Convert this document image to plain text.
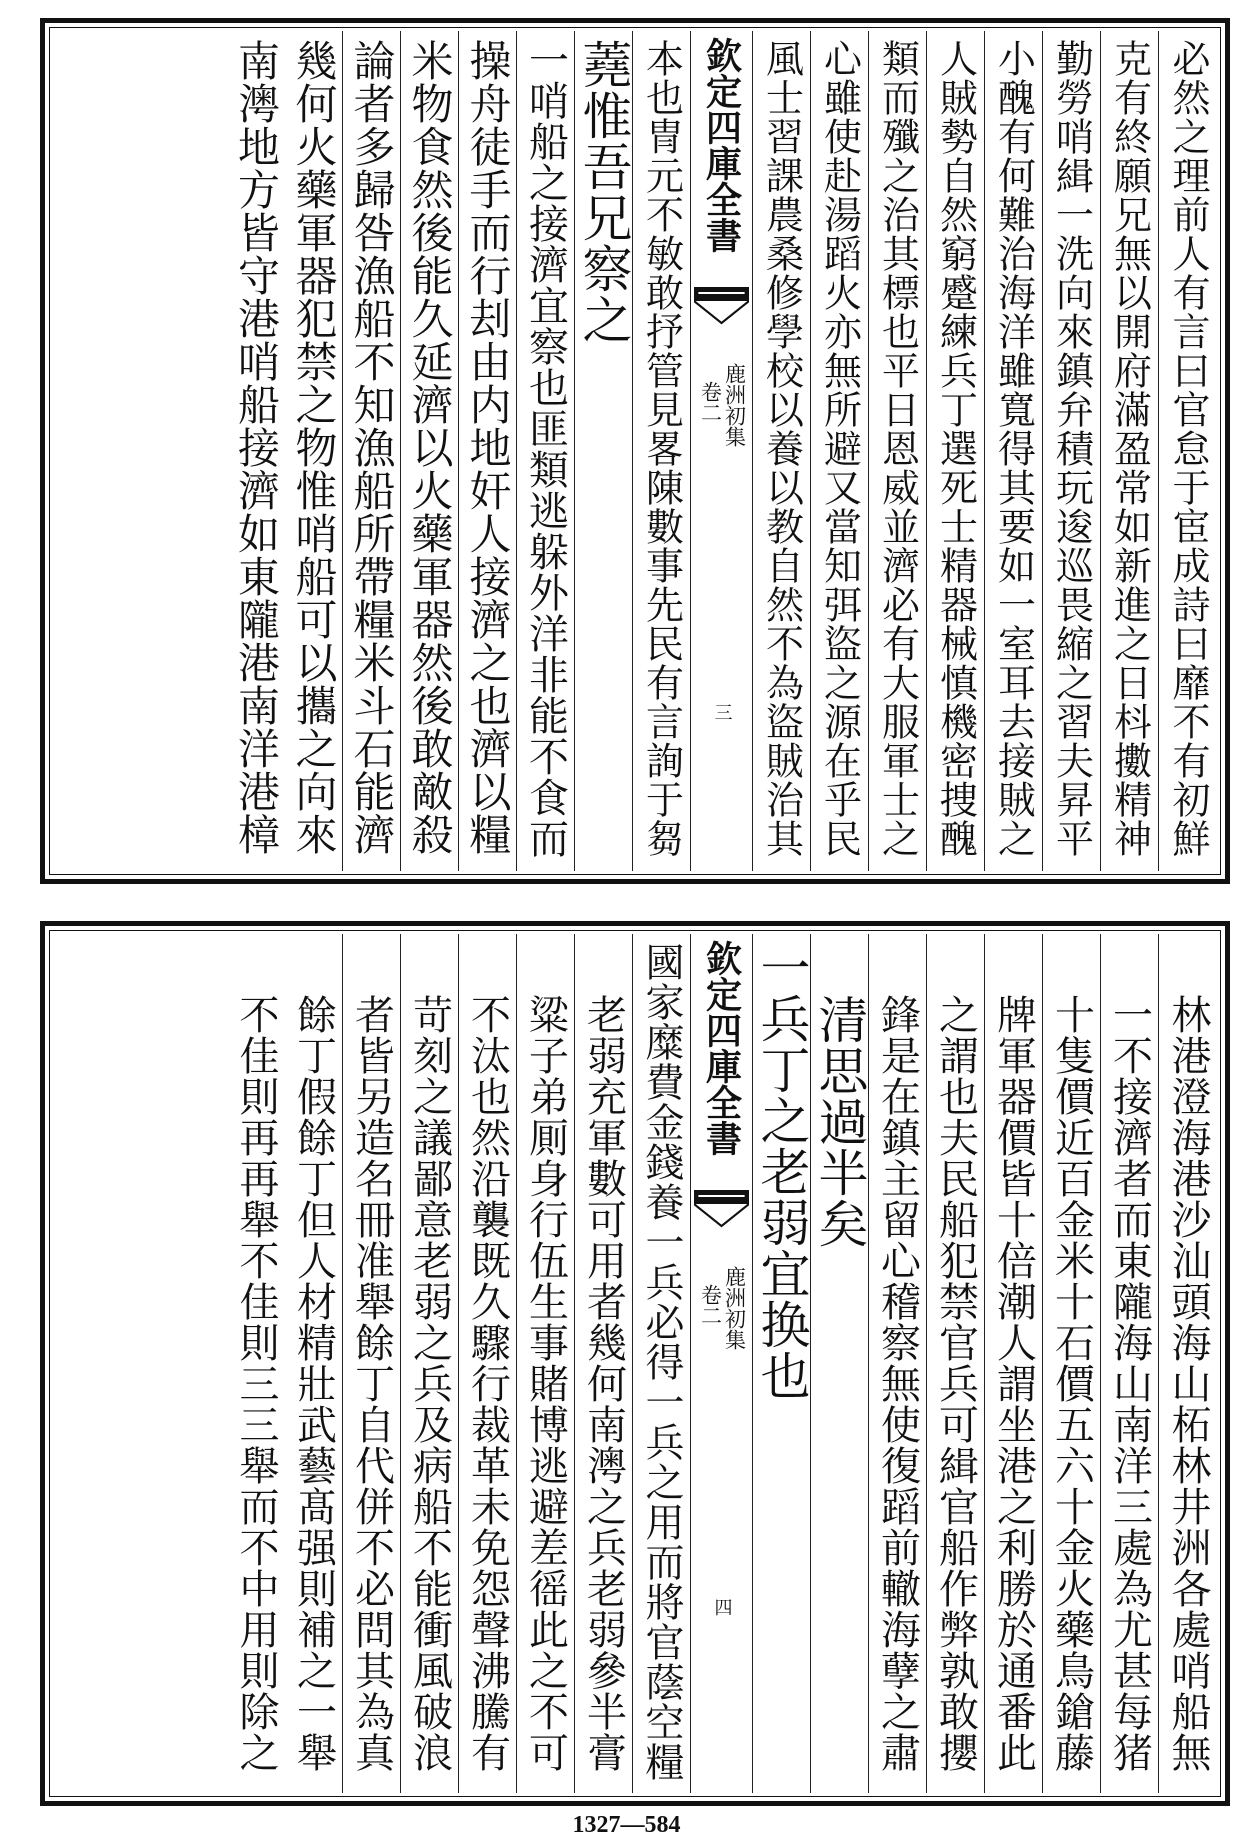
必然之理前人有言曰官怠于宦成詩曰靡不有初鮮
克有終願兄無以開府滿盈常如新進之日枓擻精神
勤勞哨緝一洗向來鎮弁積玩逡巡畏縮之習夫昇平
小醜有何難治海洋雖寬得其要如一室耳去接賊之
人賊勢自然窮蹙練兵丁選死士精器械慎機密捜醜
類而殲之治其標也平日恩威並濟必有大服軍士之
心雖使赴湯蹈火亦無所避又當知弭盜之源在乎民
風士習課農桑修學校以養以教自然不為盜賊治其
欽定四庫全書
鹿洲初集
卷二
三
本也冑元不敏敢抒管見畧陳數事先民有言詢于芻
蕘惟吾兄察之
一哨船之接濟宜察也匪類逃躲外洋非能不食而
操舟徒手而行刦由内地奸人接濟之也濟以糧
米物食然後能久延濟以火藥軍器然後敢敵殺
論者多歸咎漁船不知漁船所帶糧米斗石能濟
幾何火藥軍器犯禁之物惟哨船可以攜之向來
南澚地方皆守港哨船接濟如東隴港南洋港樟
林港澄海港沙汕頭海山柘林井洲各處哨船無
一不接濟者而東隴海山南洋三處為尤甚每猪
十隻價近百金米十石價五六十金火藥鳥鎗藤
牌軍器價皆十倍潮人謂坐港之利勝於通番此
之謂也夫民船犯禁官兵可緝官船作弊孰敢攖
鋒是在鎮主留心稽察無使復蹈前轍海孽之肅
清思過半矣
一兵丁之老弱宜换也
欽定四庫全書
鹿洲初集
卷二
四
國家糜費金錢養一兵必得一兵之用而將官蔭空糧
老弱充軍數可用者幾何南澚之兵老弱參半膏
粱子弟厠身行伍生事賭博逃避差徭此之不可
不汰也然沿襲既久驟行裁革未免怨聲沸騰有
苛刻之議鄙意老弱之兵及病船不能衝風破浪
者皆另造名冊准舉餘丁自代併不必問其為真
餘丁假餘丁但人材精壯武藝髙强則補之一舉
不佳則再再舉不佳則三三舉而不中用則除之
1327—584
